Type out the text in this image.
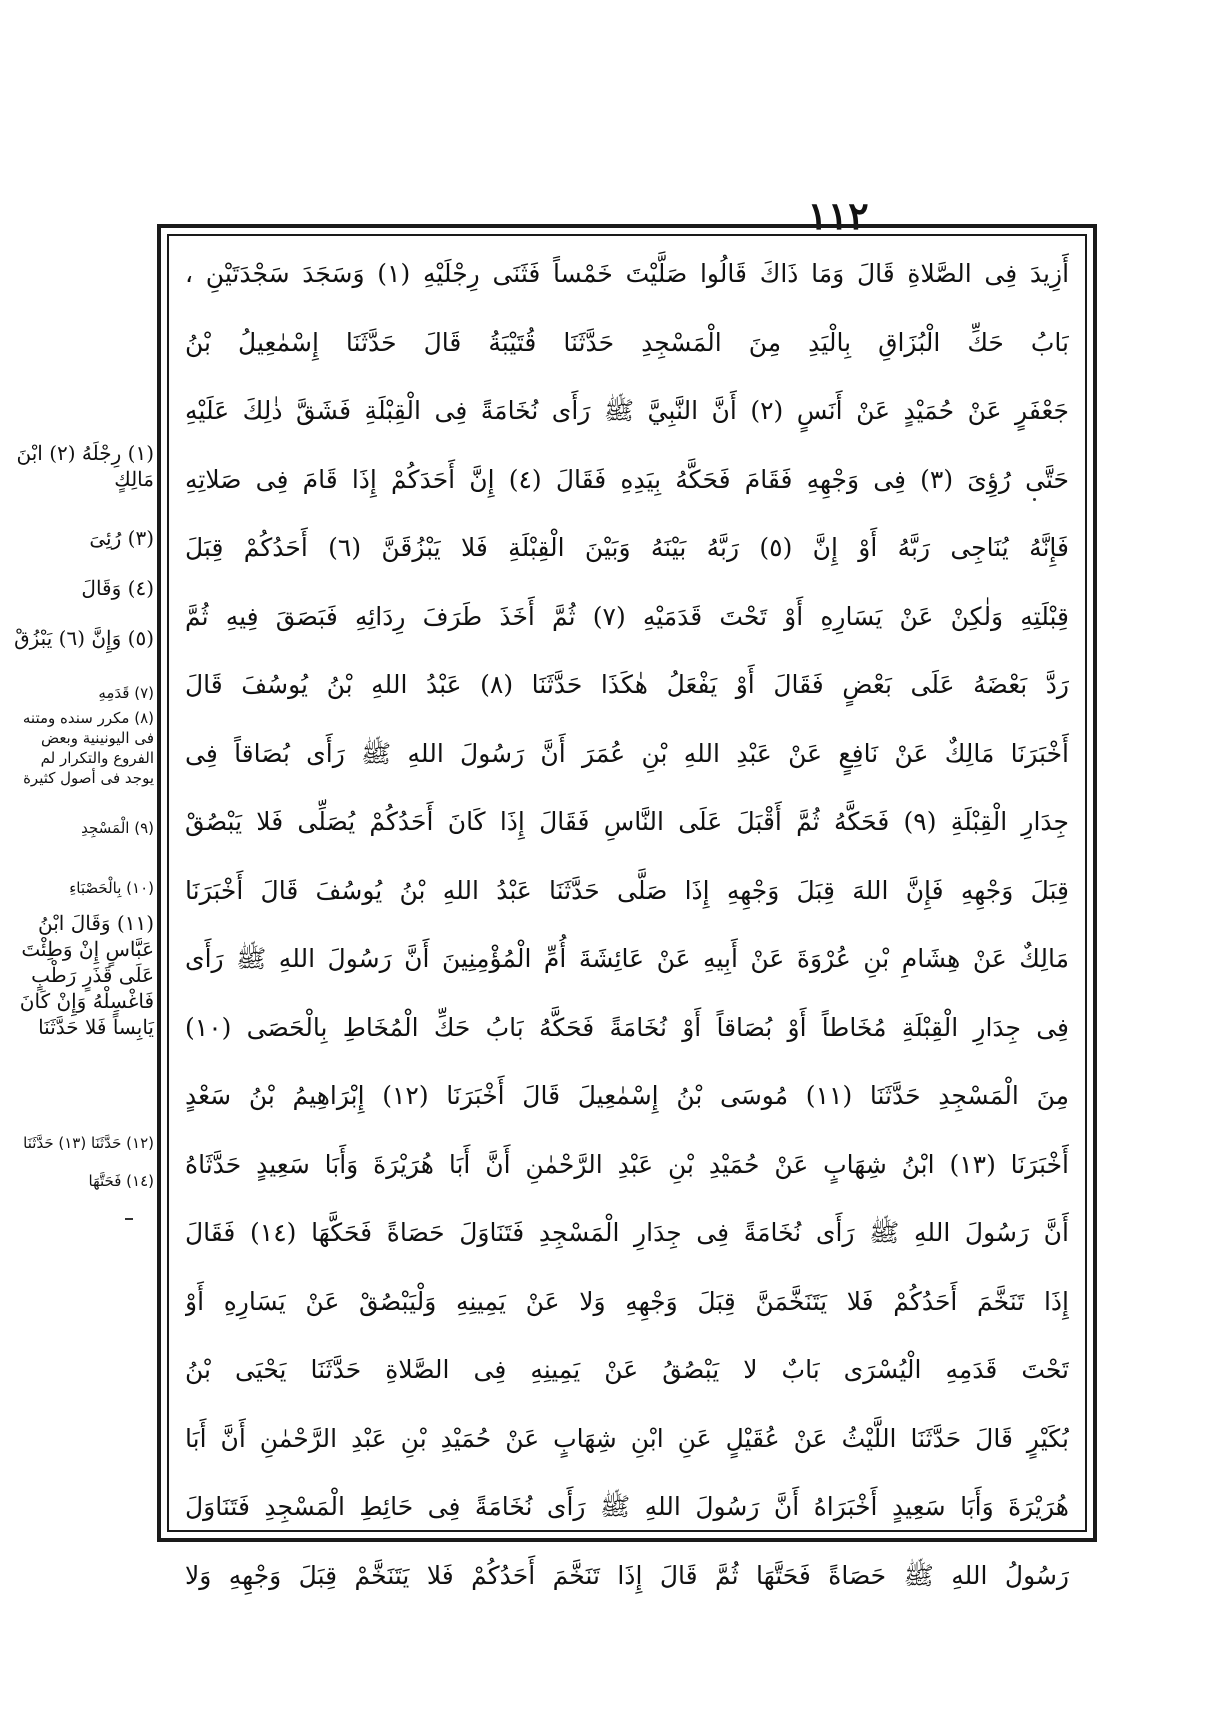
١١٢
أَزِيدَ فِى الصَّلاةِ قَالَ وَمَا ذَاكَ قَالُوا صَلَّيْتَ خَمْساً فَثَنَى رِجْلَيْهِ (١) وَسَجَدَ سَجْدَتَيْنِ ،
بَابُ حَكِّ الْبُزَاقِ بِالْيَدِ مِنَ الْمَسْجِدِ حَدَّثَنَا قُتَيْبَةُ قَالَ حَدَّثَنَا إِسْمٰعِيلُ بْنُ
جَعْفَرٍ عَنْ حُمَيْدٍ عَنْ أَنَسٍ (٢) أَنَّ النَّبِيَّ ﷺ رَأَى نُخَامَةً فِى الْقِبْلَةِ فَشَقَّ ذٰلِكَ عَلَيْهِ
حَتَّى رُؤِىَ (٣) فِى وَجْهِهِ فَقَامَ فَحَكَّهُ بِيَدِهِ فَقَالَ (٤) إِنَّ أَحَدَكُمْ إِذَا قَامَ فِى صَلاتِهِ
فَإِنَّهُ يُنَاجِى رَبَّهُ أَوْ إِنَّ (٥) رَبَّهُ بَيْنَهُ وَبَيْنَ الْقِبْلَةِ فَلا يَبْزُقَنَّ (٦) أَحَدُكُمْ قِبَلَ
قِبْلَتِهِ وَلٰكِنْ عَنْ يَسَارِهِ أَوْ تَحْتَ قَدَمَيْهِ (٧) ثُمَّ أَخَذَ طَرَفَ رِدَائِهِ فَبَصَقَ فِيهِ ثُمَّ
رَدَّ بَعْضَهُ عَلَى بَعْضٍ فَقَالَ أَوْ يَفْعَلُ هٰكَذَا حَدَّثَنَا (٨) عَبْدُ اللهِ بْنُ يُوسُفَ قَالَ
أَخْبَرَنَا مَالِكٌ عَنْ نَافِعٍ عَنْ عَبْدِ اللهِ بْنِ عُمَرَ أَنَّ رَسُولَ اللهِ ﷺ رَأَى بُصَاقاً فِى
جِدَارِ الْقِبْلَةِ (٩) فَحَكَّهُ ثُمَّ أَقْبَلَ عَلَى النَّاسِ فَقَالَ إِذَا كَانَ أَحَدُكُمْ يُصَلِّى فَلا يَبْصُقْ
قِبَلَ وَجْهِهِ فَإِنَّ اللهَ قِبَلَ وَجْهِهِ إِذَا صَلَّى حَدَّثَنَا عَبْدُ اللهِ بْنُ يُوسُفَ قَالَ أَخْبَرَنَا
مَالِكٌ عَنْ هِشَامِ بْنِ عُرْوَةَ عَنْ أَبِيهِ عَنْ عَائِشَةَ أُمِّ الْمُؤْمِنِينَ أَنَّ رَسُولَ اللهِ ﷺ رَأَى
فِى جِدَارِ الْقِبْلَةِ مُخَاطاً أَوْ بُصَاقاً أَوْ نُخَامَةً فَحَكَّهُ بَابُ حَكِّ الْمُخَاطِ بِالْحَصَى (١٠)
مِنَ الْمَسْجِدِ حَدَّثَنَا (١١) مُوسَى بْنُ إِسْمٰعِيلَ قَالَ أَخْبَرَنَا (١٢) إِبْرَاهِيمُ بْنُ سَعْدٍ
أَخْبَرَنَا (١٣) ابْنُ شِهَابٍ عَنْ حُمَيْدِ بْنِ عَبْدِ الرَّحْمٰنِ أَنَّ أَبَا هُرَيْرَةَ وَأَبَا سَعِيدٍ حَدَّثَاهُ
أَنَّ رَسُولَ اللهِ ﷺ رَأَى نُخَامَةً فِى جِدَارِ الْمَسْجِدِ فَتَنَاوَلَ حَصَاةً فَحَكَّهَا (١٤) فَقَالَ
إِذَا تَنَخَّمَ أَحَدُكُمْ فَلا يَتَنَخَّمَنَّ قِبَلَ وَجْهِهِ وَلا عَنْ يَمِينِهِ وَلْيَبْصُقْ عَنْ يَسَارِهِ أَوْ
تَحْتَ قَدَمِهِ الْيُسْرَى بَابٌ لا يَبْصُقُ عَنْ يَمِينِهِ فِى الصَّلاةِ حَدَّثَنَا يَحْيَى بْنُ
بُكَيْرٍ قَالَ حَدَّثَنَا اللَّيْثُ عَنْ عُقَيْلٍ عَنِ ابْنِ شِهَابٍ عَنْ حُمَيْدِ بْنِ عَبْدِ الرَّحْمٰنِ أَنَّ أَبَا
هُرَيْرَةَ وَأَبَا سَعِيدٍ أَخْبَرَاهُ أَنَّ رَسُولَ اللهِ ﷺ رَأَى نُخَامَةً فِى حَائِطِ الْمَسْجِدِ فَتَنَاوَلَ
رَسُولُ اللهِ ﷺ حَصَاةً فَحَتَّهَا ثُمَّ قَالَ إِذَا تَنَخَّمَ أَحَدُكُمْ فَلا يَتَنَخَّمْ قِبَلَ وَجْهِهِ وَلا
(١) رِجْلَهُ (٢) ابْنَ مَالِكٍ
(٣) رُئِىَ
(٤) وَقَالَ
(٥) وَإِنَّ (٦) يَبْزُقْ
(٧) قَدَمِهِ
(٨) مكرر سنده ومتنه فى اليونينية وبعض الفروع والتكرار لم يوجد فى أصول كثيرة
(٩) الْمَسْجِدِ
(١٠) بِالْحَصْبَاءِ
(١١) وَقَالَ ابْنُ عَبَّاسٍ إِنْ وَطِئْتَ عَلَى قَذَرٍ رَطْبٍ فَاغْسِلْهُ وَإِنْ كَانَ يَابِساً فَلا حَدَّثَنَا
(١٢) حَدَّثَنَا (١٣) حَدَّثَنَا
(١٤) فَحَتَّهَا
